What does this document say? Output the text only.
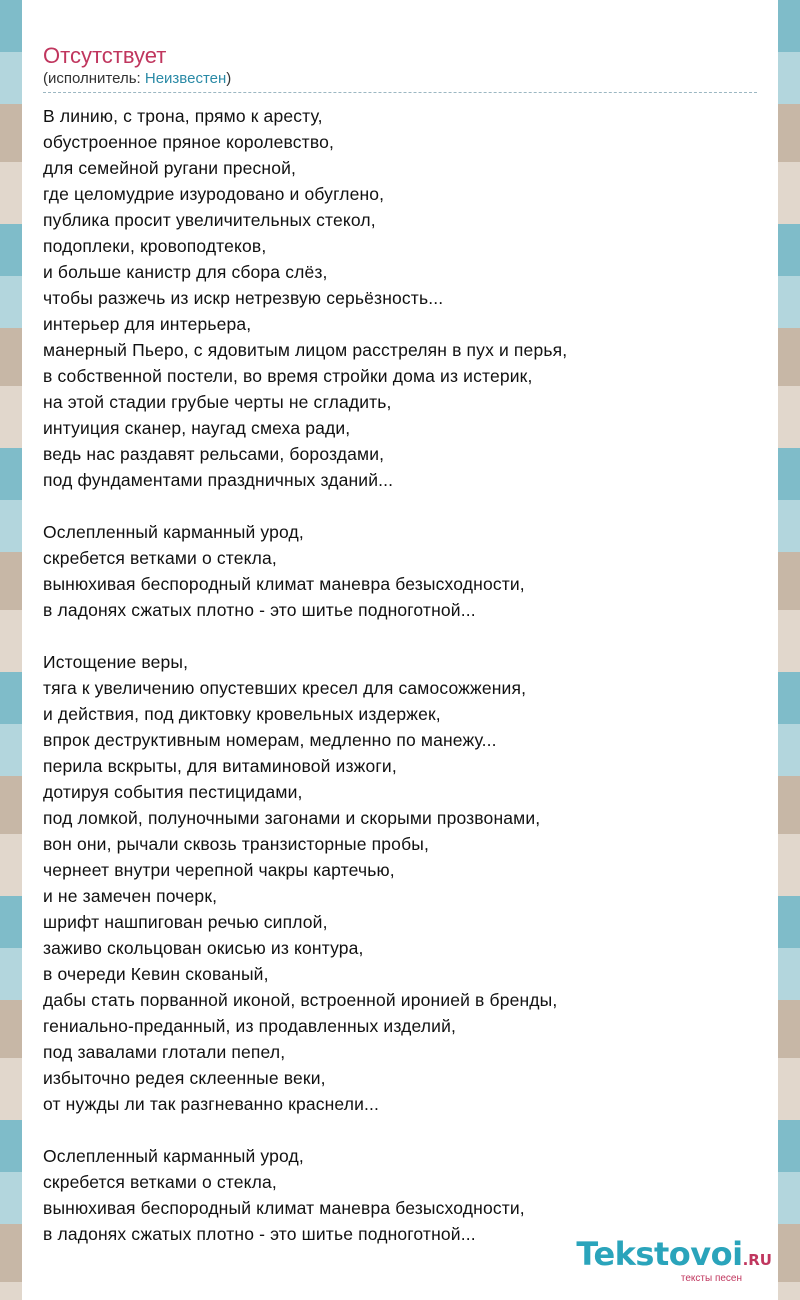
Отсутствует
(исполнитель: Неизвестен)
В линию, с трона, прямо к аресту,
обустроенное пряное королевство,
для семейной ругани пресной,
где целомудрие изуродовано и обуглено,
публика просит увеличительных стекол,
подоплеки, кровоподтеков,
и больше канистр для сбора слёз,
чтобы разжечь из искр нетрезвую серьёзность...
интерьер для интерьера,
манерный Пьеро, с ядовитым лицом расстрелян в пух и перья,
в собственной постели, во время стройки дома из истерик,
на этой стадии грубые черты не сгладить,
интуиция сканер, наугад смеха ради,
ведь нас раздавят рельсами, бороздами,
под фундаментами праздничных зданий...
Ослепленный карманный урод,
скребется ветками о стекла,
вынюхивая беспородный климат маневра безысходности,
в ладонях сжатых плотно - это шитье подноготной...
Истощение веры,
тяга к увеличению опустевших кресел для самосожжения,
и действия, под диктовку кровельных издержек,
впрок деструктивным номерам, медленно по манежу...
перила вскрыты, для витаминовой изжоги,
дотируя события пестицидами,
под ломкой, полуночными загонами и скорыми прозвонами,
вон они, рычали сквозь транзисторные пробы,
чернеет внутри черепной чакры картечью,
и не замечен почерк,
шрифт нашпигован речью сиплой,
заживо скольцован окисью из контура,
в очереди Кевин скованый,
дабы стать порванной иконой, встроенной иронией в бренды,
гениально-преданный, из продавленных изделий,
под завалами глотали пепел,
избыточно редея склеенные веки,
от нужды ли так разгневанно краснели...
Ослепленный карманный урод,
скребется ветками о стекла,
вынюхивая беспородный климат маневра безысходности,
в ладонях сжатых плотно - это шитье подноготной...
Tekstovoi.RU
тексты песен
